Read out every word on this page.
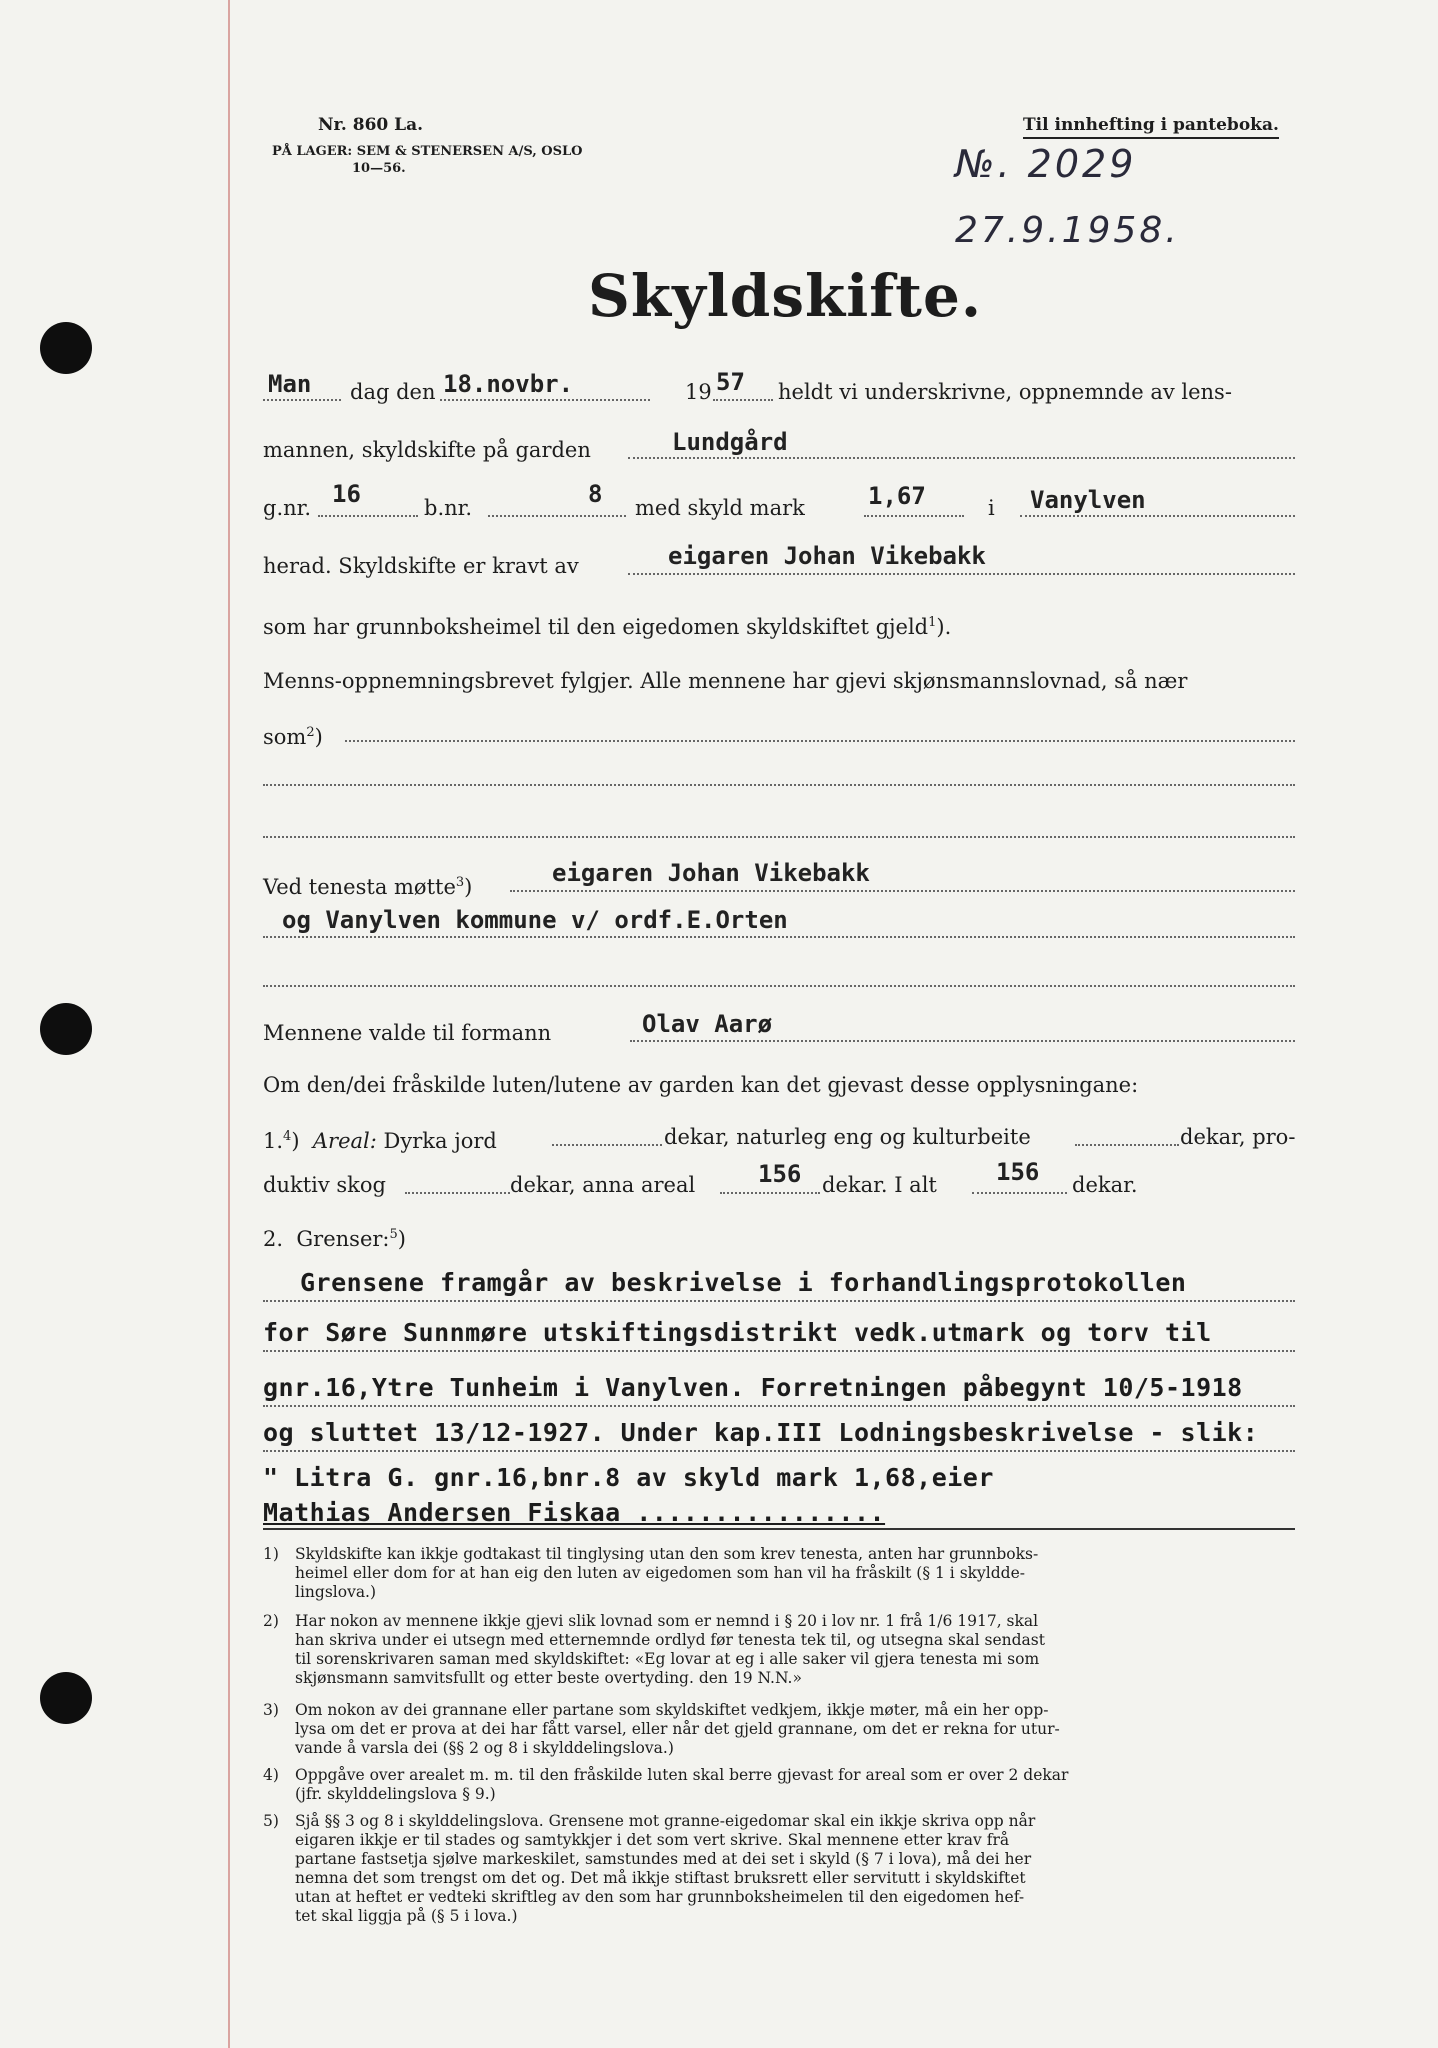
Nr. 860 La.
PÅ LAGER: SEM & STENERSEN A/S, OSLO
10—56.
Til innhefting i panteboka.
№. 2029
27.9.1958.
Skyldskifte.
Man dag den 18.novbr.	19 57 heldt vi underskrivne, oppnemnde av lens-
mannen, skyldskifte på garden	Lundgård
g.nr. 16	b.nr.	8 med skyld mark	1,67	i Vanylven
herad. Skyldskifte er kravt av	eigaren Johan Vikebakk
som har grunnboksheimel til den eigedomen skyldskiftet gjeld$^1$).
Menns-oppnemningsbrevet fylgjer. Alle mennene har gjevi skjønsmannslovnad, så nær
som$^2$)
Ved tenesta møtte$^3$)	eigaren Johan Vikebakk
og Vanylven kommune v/ ordf.E.Orten
Mennene valde til formann	Olav Aarø
Om den/dei fråskilde luten/lutene av garden kan det gjevast desse opplysningane:
1.$^4$) Areal: Dyrka jord	dekar, naturleg eng og kulturbeite	dekar, pro-
duktiv skog	dekar, anna areal	156 dekar. I alt 156 dekar.
2. Grenser:$^5$)
Grensene framgår av beskrivelse i forhandlingsprotokollen
for Søre Sunnmøre utskiftingsdistrikt vedk.utmark og torv til
gnr.16,Ytre Tunheim i Vanylven. Forretningen påbegynt 10/5-1918
og sluttet 13/12-1927. Under kap.III Lodningsbeskrivelse - slik:
" Litra G. gnr.16,bnr.8 av skyld mark 1,68,eier
Mathias Andersen Fiskaa ................
1) Skyldskifte kan ikkje godtakast til tinglysing utan den som krev tenesta, anten har grunnboks-
heimel eller dom for at han eig den luten av eigedomen som han vil ha fråskilt (§ 1 i skyldde-
lingslova.)
2) Har nokon av mennene ikkje gjevi slik lovnad som er nemnd i § 20 i lov nr. 1 frå 1/6 1917, skal
han skriva under ei utsegn med etternemnde ordlyd før tenesta tek til, og utsegna skal sendast
til sorenskrivaren saman med skyldskiftet: «Eg lovar at eg i alle saker vil gjera tenesta mi som
skjønsmann samvitsfullt og etter beste overtyding. den 19 N.N.»
3) Om nokon av dei grannane eller partane som skyldskiftet vedkjem, ikkje møter, må ein her opp-
lysa om det er prova at dei har fått varsel, eller når det gjeld grannane, om det er rekna for utur-
vande å varsla dei (§§ 2 og 8 i skylddelingslova.)
4) Oppgåve over arealet m. m. til den fråskilde luten skal berre gjevast for areal som er over 2 dekar
(jfr. skylddelingslova § 9.)
5) Sjå §§ 3 og 8 i skylddelingslova. Grensene mot granne-eigedomar skal ein ikkje skriva opp når
eigaren ikkje er til stades og samtykkjer i det som vert skrive. Skal mennene etter krav frå
partane fastsetja sjølve markeskilet, samstundes med at dei set i skyld (§ 7 i lova), må dei her
nemna det som trengst om det og. Det må ikkje stiftast bruksrett eller servitutt i skyldskiftet
utan at heftet er vedteki skriftleg av den som har grunnboksheimelen til den eigedomen hef-
tet skal liggja på (§ 5 i lova.)
